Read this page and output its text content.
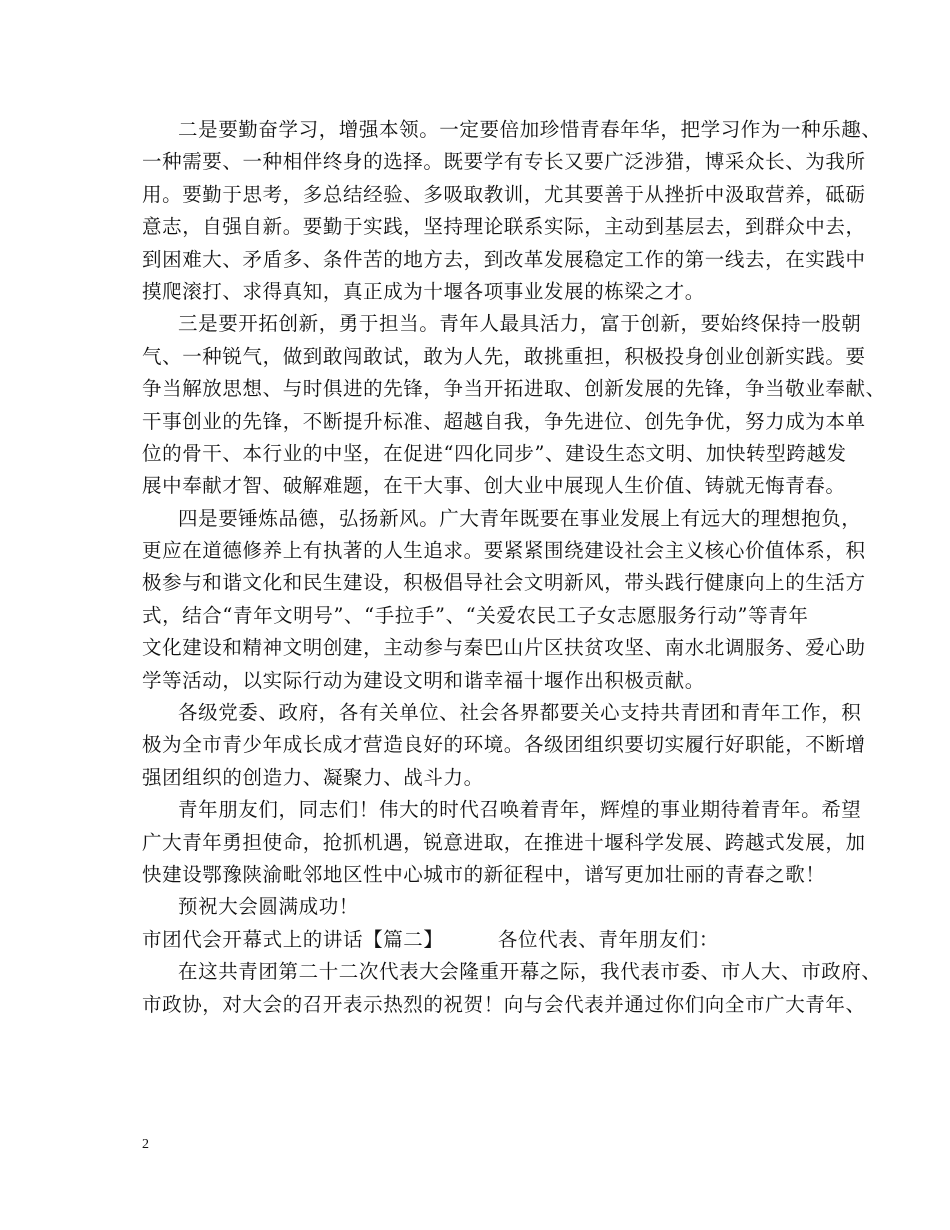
二是要勤奋学习，增强本领。一定要倍加珍惜青春年华，把学习作为一种乐趣、
一种需要、一种相伴终身的选择。既要学有专长又要广泛涉猎，博采众长、为我所
用。要勤于思考，多总结经验、多吸取教训，尤其要善于从挫折中汲取营养，砥砺
意志，自强自新。要勤于实践，坚持理论联系实际，主动到基层去，到群众中去，
到困难大、矛盾多、条件苦的地方去，到改革发展稳定工作的第一线去，在实践中
摸爬滚打、求得真知，真正成为十堰各项事业发展的栋梁之才。
三是要开拓创新，勇于担当。青年人最具活力，富于创新，要始终保持一股朝
气、一种锐气，做到敢闯敢试，敢为人先，敢挑重担，积极投身创业创新实践。要
争当解放思想、与时俱进的先锋，争当开拓进取、创新发展的先锋，争当敬业奉献、
干事创业的先锋，不断提升标准、超越自我，争先进位、创先争优，努力成为本单
位的骨干、本行业的中坚，在促进“四化同步”、建设生态文明、加快转型跨越发
展中奉献才智、破解难题，在干大事、创大业中展现人生价值、铸就无悔青春。
四是要锤炼品德，弘扬新风。广大青年既要在事业发展上有远大的理想抱负，
更应在道德修养上有执著的人生追求。要紧紧围绕建设社会主义核心价值体系，积
极参与和谐文化和民生建设，积极倡导社会文明新风，带头践行健康向上的生活方
式，结合“青年文明号”、“手拉手”、“关爱农民工子女志愿服务行动”等青年
文化建设和精神文明创建，主动参与秦巴山片区扶贫攻坚、南水北调服务、爱心助
学等活动，以实际行动为建设文明和谐幸福十堰作出积极贡献。
各级党委、政府，各有关单位、社会各界都要关心支持共青团和青年工作，积
极为全市青少年成长成才营造良好的环境。各级团组织要切实履行好职能，不断增
强团组织的创造力、凝聚力、战斗力。
青年朋友们，同志们！伟大的时代召唤着青年，辉煌的事业期待着青年。希望
广大青年勇担使命，抢抓机遇，锐意进取，在推进十堰科学发展、跨越式发展，加
快建设鄂豫陕渝毗邻地区性中心城市的新征程中，谱写更加壮丽的青春之歌！
预祝大会圆满成功！
市团代会开幕式上的讲话【篇二】	各位代表、青年朋友们：
在这共青团第二十二次代表大会隆重开幕之际，我代表市委、市人大、市政府、
市政协，对大会的召开表示热烈的祝贺！向与会代表并通过你们向全市广大青年、
2
